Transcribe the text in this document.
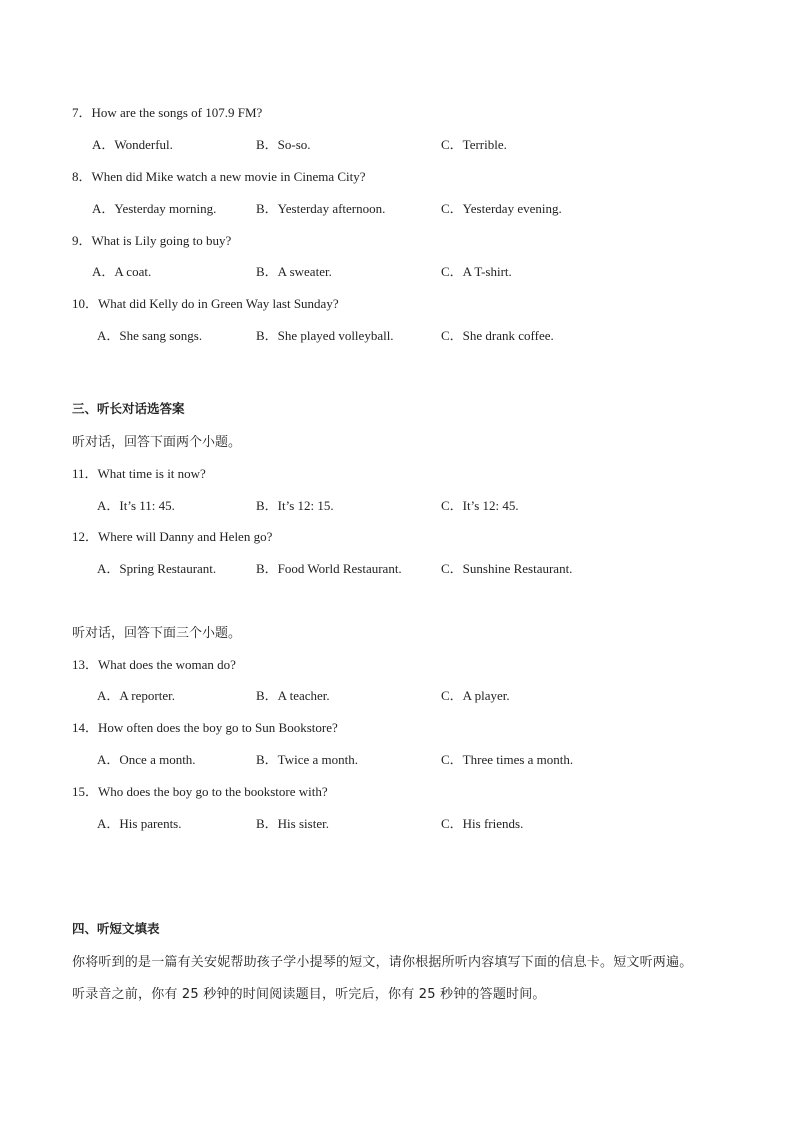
7．How are the songs of 107.9 FM?
A．Wonderful.	B．So-so.	C．Terrible.
8．When did Mike watch a new movie in Cinema City?
A．Yesterday morning.	B．Yesterday afternoon.	C．Yesterday evening.
9．What is Lily going to buy?
A．A coat.	B．A sweater.	C．A T-shirt.
10．What did Kelly do in Green Way last Sunday?
A．She sang songs.	B．She played volleyball.	C．She drank coffee.
三、听长对话选答案
听对话，回答下面两个小题。
11．What time is it now?
A．It’s 11: 45.	B．It’s 12: 15.	C．It’s 12: 45.
12．Where will Danny and Helen go?
A．Spring Restaurant.	B．Food World Restaurant.	C．Sunshine Restaurant.
听对话，回答下面三个小题。
13．What does the woman do?
A．A reporter.	B．A teacher.	C．A player.
14．How often does the boy go to Sun Bookstore?
A．Once a month.	B．Twice a month.	C．Three times a month.
15．Who does the boy go to the bookstore with?
A．His parents.	B．His sister.	C．His friends.
四、听短文填表
你将听到的是一篇有关安妮帮助孩子学小提琴的短文，请你根据所听内容填写下面的信息卡。短文听两遍。
听录音之前，你有 25 秒钟的时间阅读题目，听完后，你有 25 秒钟的答题时间。
